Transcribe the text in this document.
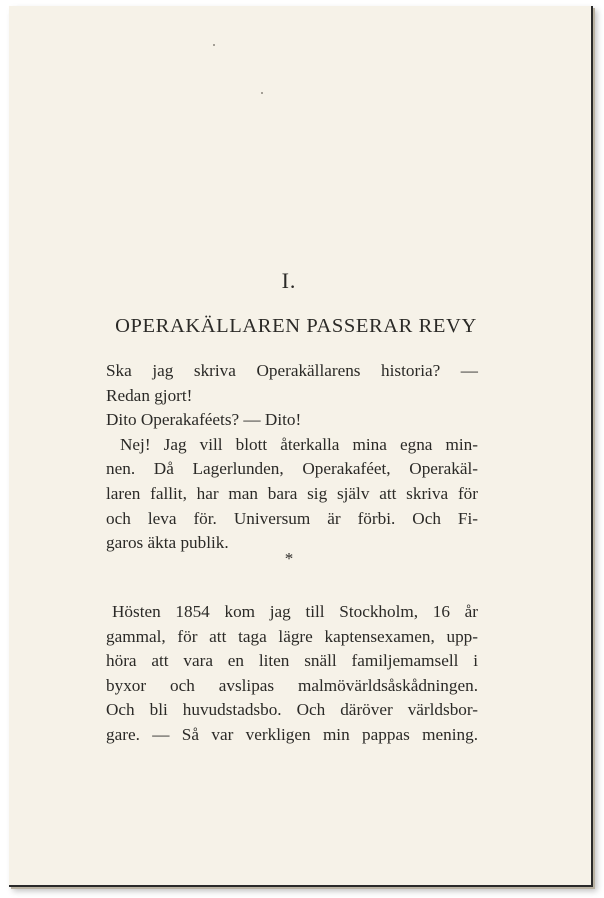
I.
OPERAKÄLLAREN PASSERAR REVY
Ska jag skriva Operakällarens historia? —
Redan gjort!
Dito Operakaféets? — Dito!
Nej! Jag vill blott återkalla mina egna min-
nen. Då Lagerlunden, Operakaféet, Operakäl-
laren fallit, har man bara sig själv att skriva för
och leva för. Universum är förbi. Och Fi-
garos äkta publik.
*
Hösten 1854 kom jag till Stockholm, 16 år
gammal, för att taga lägre kaptensexamen, upp-
höra att vara en liten snäll familjemamsell i
byxor och avslipas malmövärldsåskådningen.
Och bli huvudstadsbo. Och däröver världsbor-
gare. — Så var verkligen min pappas mening.
